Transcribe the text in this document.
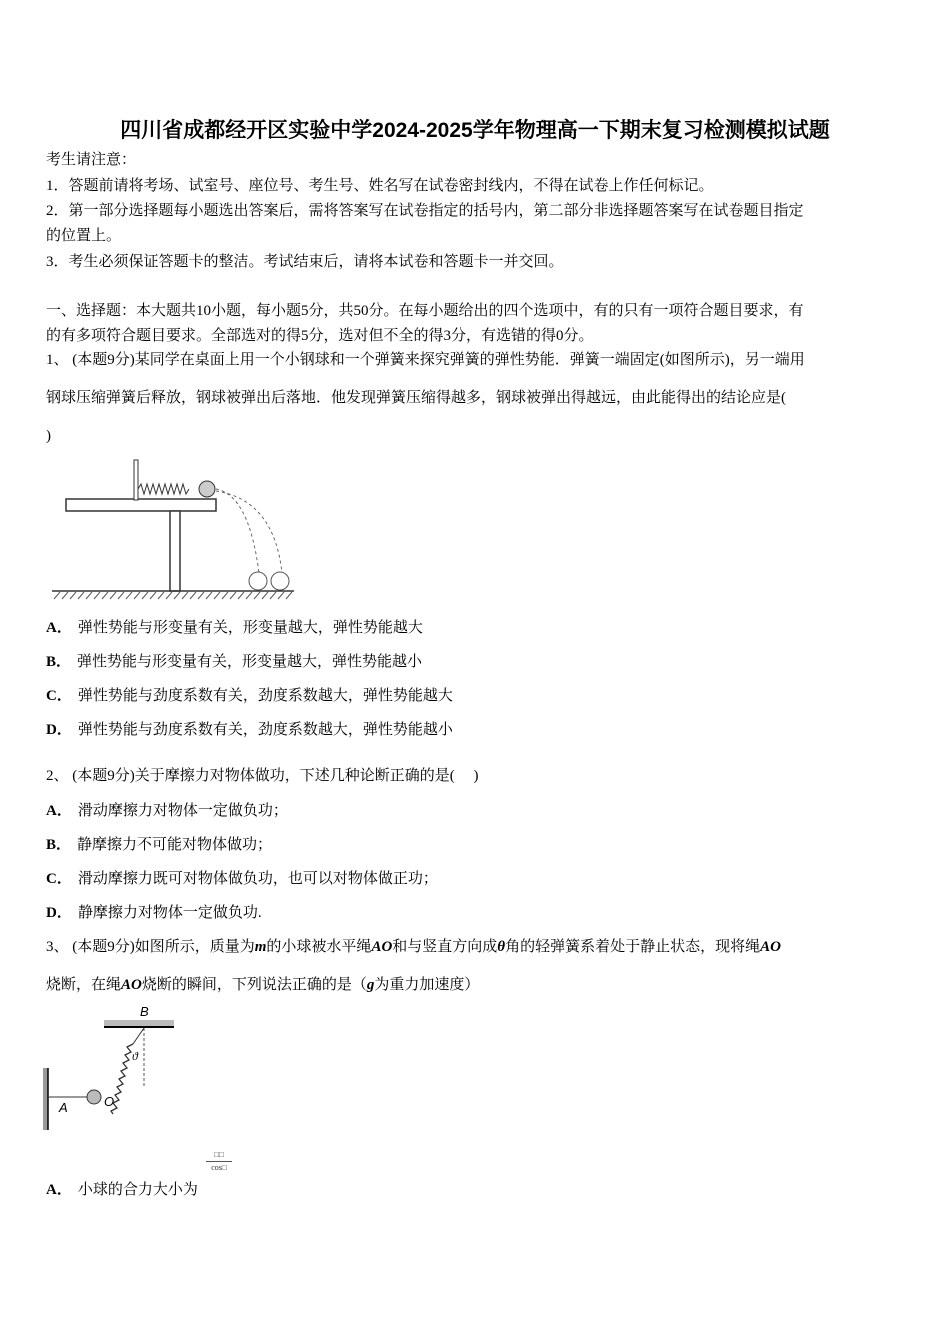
四川省成都经开区实验中学2024-2025学年物理高一下期末复习检测模拟试题
考生请注意：
1．答题前请将考场、试室号、座位号、考生号、姓名写在试卷密封线内，不得在试卷上作任何标记。
2．第一部分选择题每小题选出答案后，需将答案写在试卷指定的括号内，第二部分非选择题答案写在试卷题目指定
的位置上。
3．考生必须保证答题卡的整洁。考试结束后，请将本试卷和答题卡一并交回。
一、选择题：本大题共10小题，每小题5分，共50分。在每小题给出的四个选项中，有的只有一项符合题目要求，有
的有多项符合题目要求。全部选对的得5分，选对但不全的得3分，有选错的得0分。
1、 (本题9分)某同学在桌面上用一个小钢球和一个弹簧来探究弹簧的弹性势能．弹簧一端固定(如图所示)，另一端用
钢球压缩弹簧后释放，钢球被弹出后落地．他发现弹簧压缩得越多，钢球被弹出得越远，由此能得出的结论应是(
)
A． 弹性势能与形变量有关，形变量越大，弹性势能越大
B． 弹性势能与形变量有关，形变量越大，弹性势能越小
C． 弹性势能与劲度系数有关，劲度系数越大，弹性势能越大
D． 弹性势能与劲度系数有关，劲度系数越大，弹性势能越小
2、 (本题9分)关于摩擦力对物体做功，下述几种论断正确的是(　 )
A． 滑动摩擦力对物体一定做负功；
B． 静摩擦力不可能对物体做功；
C． 滑动摩擦力既可对物体做负功，也可以对物体做正功；
D． 静摩擦力对物体一定做负功.
3、 (本题9分)如图所示，质量为m的小球被水平绳AO和与竖直方向成θ角的轻弹簧系着处于静止状态，现将绳AO
烧断，在绳AO烧断的瞬间，下列说法正确的是（g为重力加速度）
B
ϑ
O
A
□□
cos□
A． 小球的合力大小为
